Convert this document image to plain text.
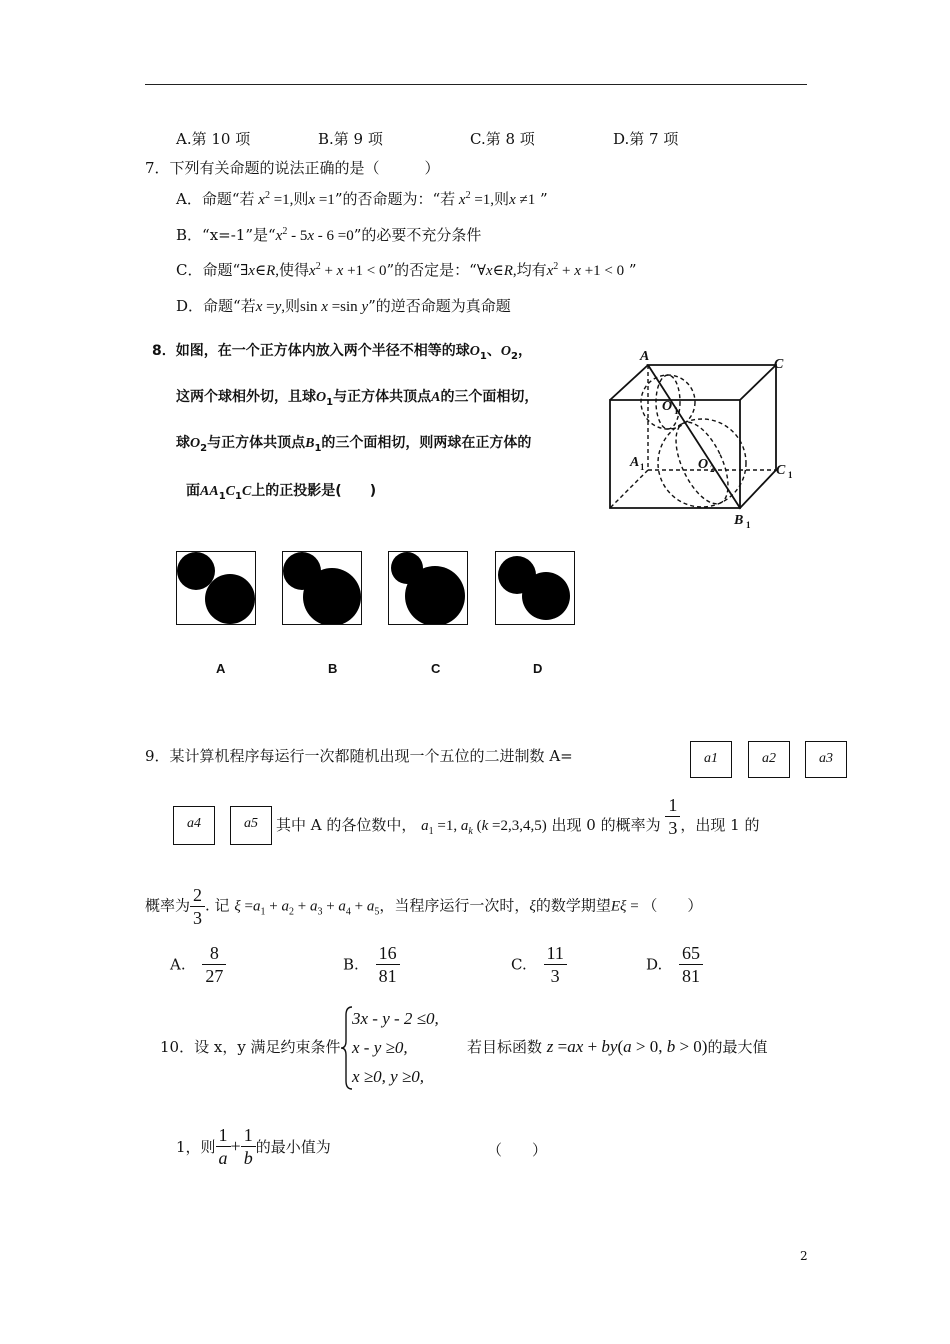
A.第 10 项	B.第 9 项	C.第 8 项	D.第 7 项
7．下列有关命题的说法正确的是（　　　）
A．命题“若 $x^2 =1$,则x =1”的否命题为：“若 $x^2 =1$,则x ≠1 ”
B．“x=-1”是“$x^2 - 5x - 6 =0$”的必要不充分条件
C．命题“∃x∈R,使得$x^2 + x +1 < 0$”的否定是：“∀x∈R,均有$x^2 + x +1 < 0$ ”
D．命题“若x =y,则sin x =sin y”的逆否命题为真命题
8．如图，在一个正方体内放入两个半径不相等的球$O_1$、$O_2$，
这两个球相外切，且球$O_1$与正方体共顶点A的三个面相切，
球$O_2$与正方体共顶点$B_1$的三个面相切，则两球在正方体的
面$AA_1C_1C$上的正投影是(　　)
A
C
A
C
B
O
O
1
1
1
1
2
A	B	C	D
9．某计算机程序每运行一次都随机出现一个五位的二进制数 A=	a1	a2	a3
a4	a5	其中 A 的各位数中， $a_1 =1$, $a_k$ (k =2,3,4,5) 出现 0 的概率为 $\frac{1}{3}$ ，出现 1 的
概率为 $\frac{2}{3}$ . 记 $\xi =a_1 + a_2 + a_3 + a_4 + a_5$，当程序运行一次时，ξ的数学期望Eξ = （　　）
A. $\frac{8}{27}$	B. $\frac{16}{81}$	C. $\frac{11}{3}$	D. $\frac{65}{81}$
10．设 x，y 满足约束条件
3x - y - 2 ≤0,
x - y ≥0,
x ≥0, y ≥0,
若目标函数 z =ax + by(a > 0, b > 0)的最大值
1，则 $\frac{1}{a} + \frac{1}{b}$ 的最小值为	（　　）
2
